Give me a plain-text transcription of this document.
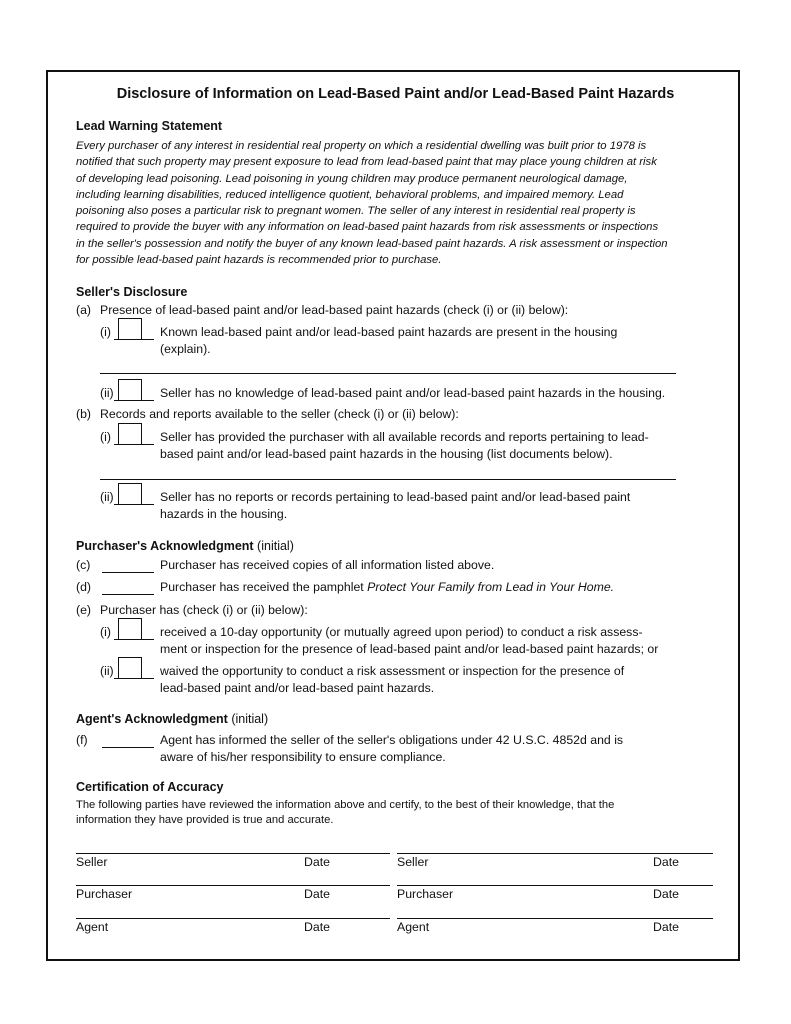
Disclosure of Information on Lead-Based Paint and/or Lead-Based Paint Hazards
Lead Warning Statement
Every purchaser of any interest in residential real property on which a residential dwelling was built prior to 1978 is
notified that such property may present exposure to lead from lead-based paint that may place young children at risk
of developing lead poisoning. Lead poisoning in young children may produce permanent neurological damage,
including learning disabilities, reduced intelligence quotient, behavioral problems, and impaired memory. Lead
poisoning also poses a particular risk to pregnant women. The seller of any interest in residential real property is
required to provide the buyer with any information on lead-based paint hazards from risk assessments or inspections
in the seller's possession and notify the buyer of any known lead-based paint hazards. A risk assessment or inspection
for possible lead-based paint hazards is recommended prior to purchase.
Seller's Disclosure
(a) Presence of lead-based paint and/or lead-based paint hazards (check (i) or (ii) below):
(i)	Known lead-based paint and/or lead-based paint hazards are present in the housing
(explain).
(ii)	Seller has no knowledge of lead-based paint and/or lead-based paint hazards in the housing.
(b) Records and reports available to the seller (check (i) or (ii) below):
(i)	Seller has provided the purchaser with all available records and reports pertaining to lead-
based paint and/or lead-based paint hazards in the housing (list documents below).
(ii)	Seller has no reports or records pertaining to lead-based paint and/or lead-based paint
hazards in the housing.
Purchaser's Acknowledgment (initial)
(c)	Purchaser has received copies of all information listed above.
(d)	Purchaser has received the pamphlet Protect Your Family from Lead in Your Home.
(e) Purchaser has (check (i) or (ii) below):
(i)	received a 10-day opportunity (or mutually agreed upon period) to conduct a risk assess-
ment or inspection for the presence of lead-based paint and/or lead-based paint hazards; or
(ii)	waived the opportunity to conduct a risk assessment or inspection for the presence of
lead-based paint and/or lead-based paint hazards.
Agent's Acknowledgment (initial)
(f)	Agent has informed the seller of the seller's obligations under 42 U.S.C. 4852d and is
aware of his/her responsibility to ensure compliance.
Certification of Accuracy
The following parties have reviewed the information above and certify, to the best of their knowledge, that the
information they have provided is true and accurate.
Seller	Date	Seller	Date
Purchaser	Date	Purchaser	Date
Agent	Date	Agent	Date
